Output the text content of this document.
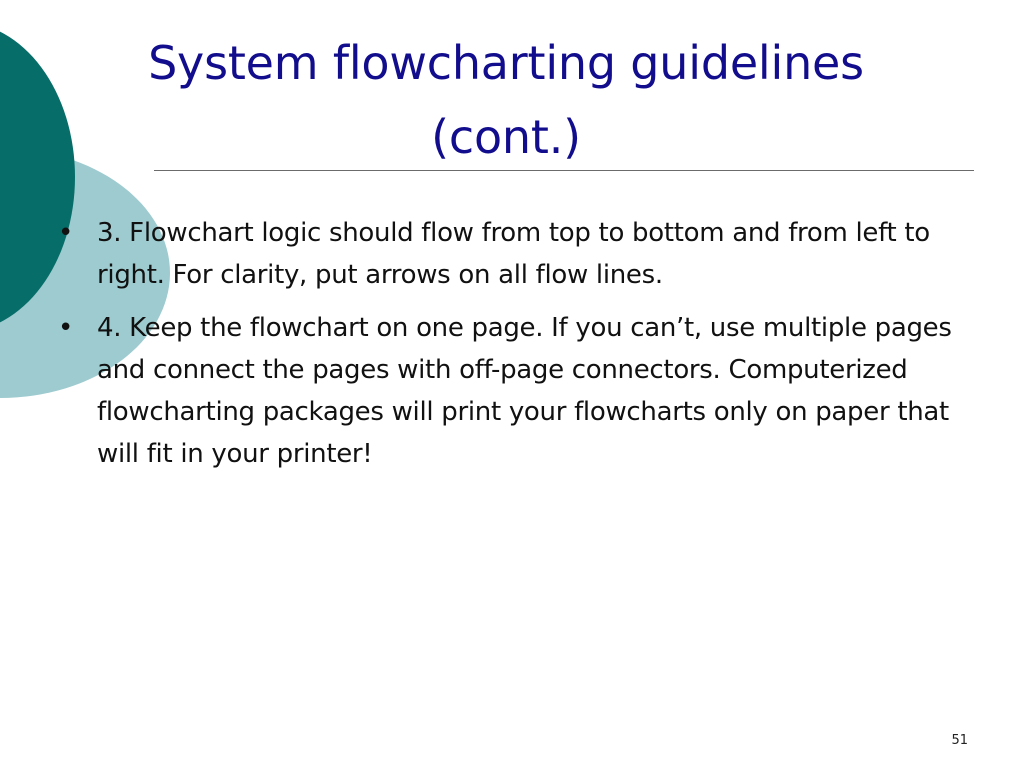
System flowcharting guidelines
(cont.)
• 3. Flowchart logic should flow from top to bottom and from left to right. For clarity, put arrows on all flow lines.
• 4. Keep the flowchart on one page. If you can’t, use multiple pages and connect the pages with off-page connectors. Computerized flowcharting packages will print your flowcharts only on paper that will fit in your printer!
51
